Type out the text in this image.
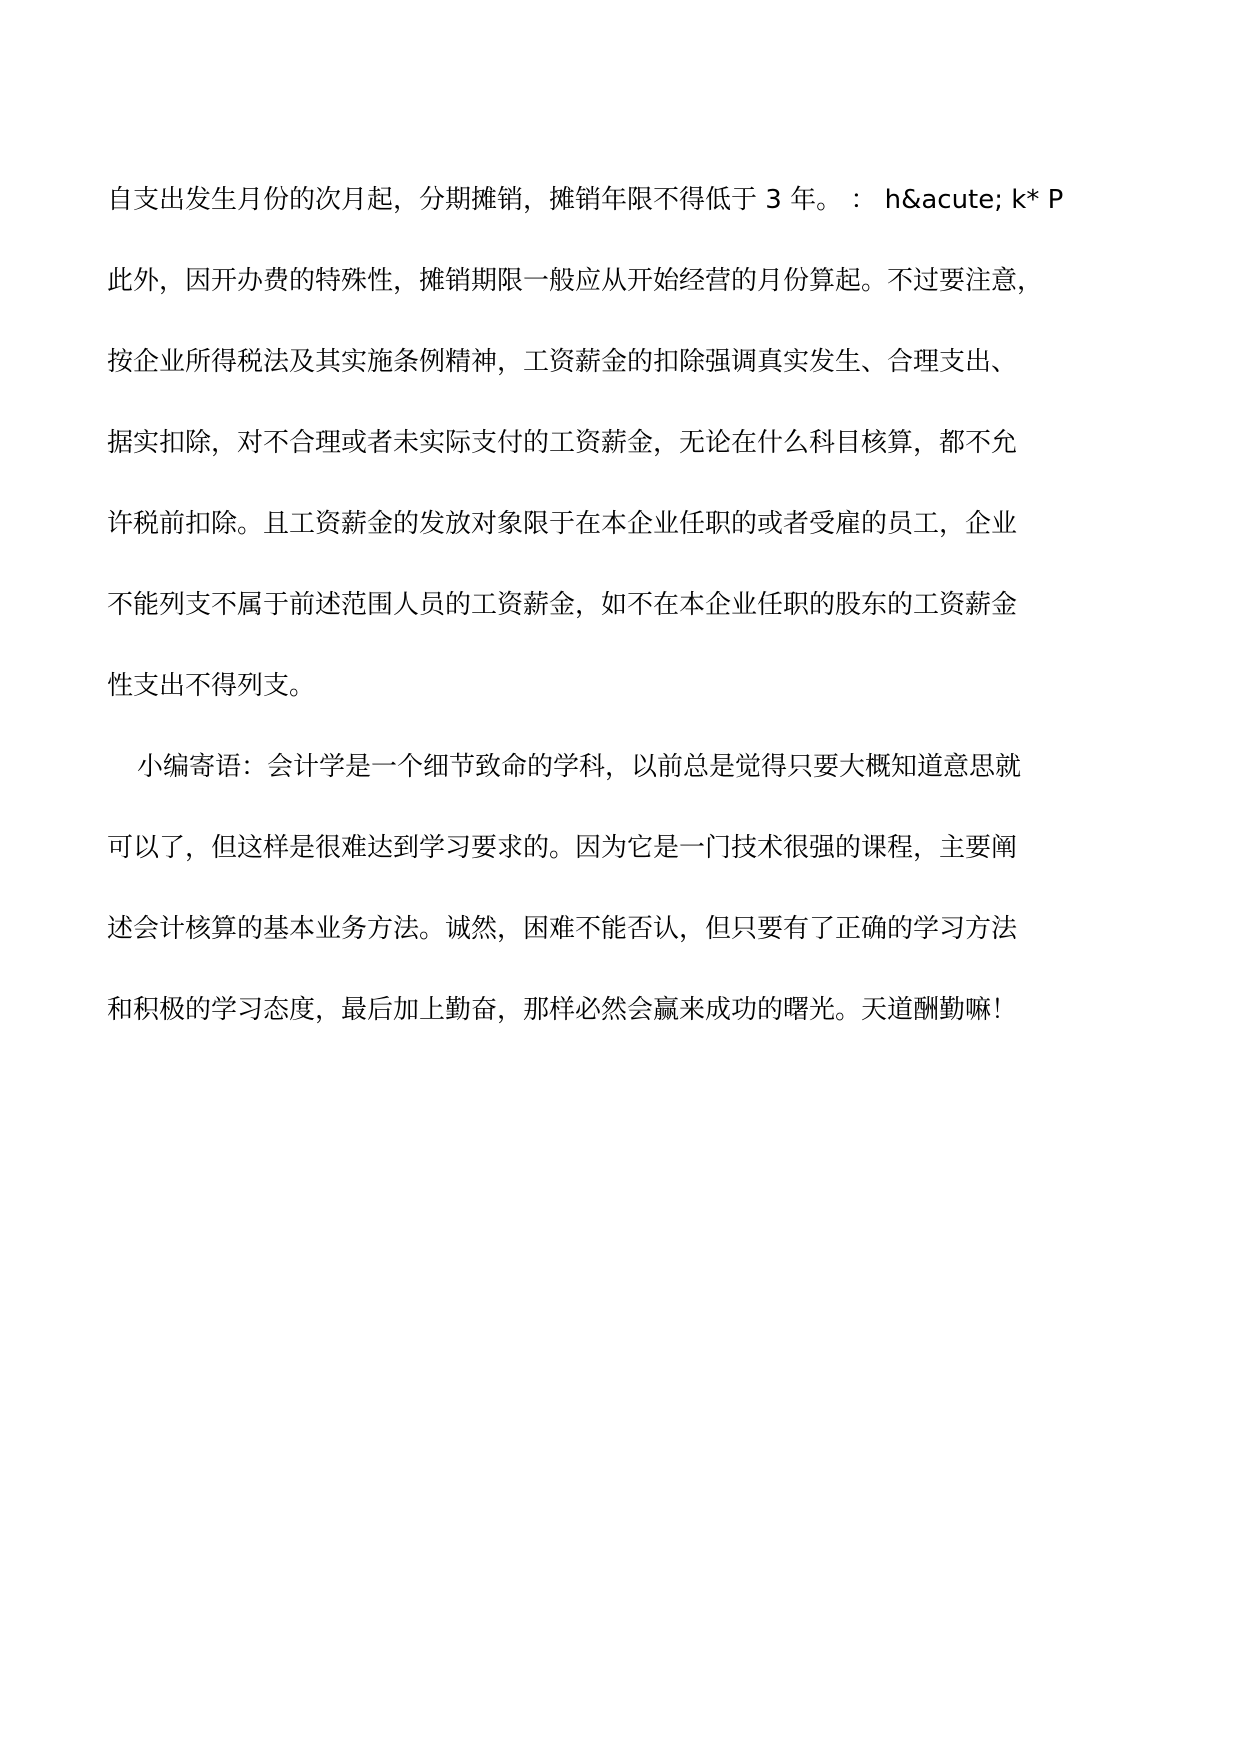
自支出发生月份的次月起，分期摊销，摊销年限不得低于 3 年。 ： h&acute; k* P
此外，因开办费的特殊性，摊销期限一般应从开始经营的月份算起。不过要注意，
按企业所得税法及其实施条例精神，工资薪金的扣除强调真实发生、合理支出、
据实扣除，对不合理或者未实际支付的工资薪金，无论在什么科目核算，都不允
许税前扣除。且工资薪金的发放对象限于在本企业任职的或者受雇的员工，企业
不能列支不属于前述范围人员的工资薪金，如不在本企业任职的股东的工资薪金
性支出不得列支。
小编寄语：会计学是一个细节致命的学科，以前总是觉得只要大概知道意思就
可以了，但这样是很难达到学习要求的。因为它是一门技术很强的课程，主要阐
述会计核算的基本业务方法。诚然，困难不能否认，但只要有了正确的学习方法
和积极的学习态度，最后加上勤奋，那样必然会赢来成功的曙光。天道酬勤嘛！
